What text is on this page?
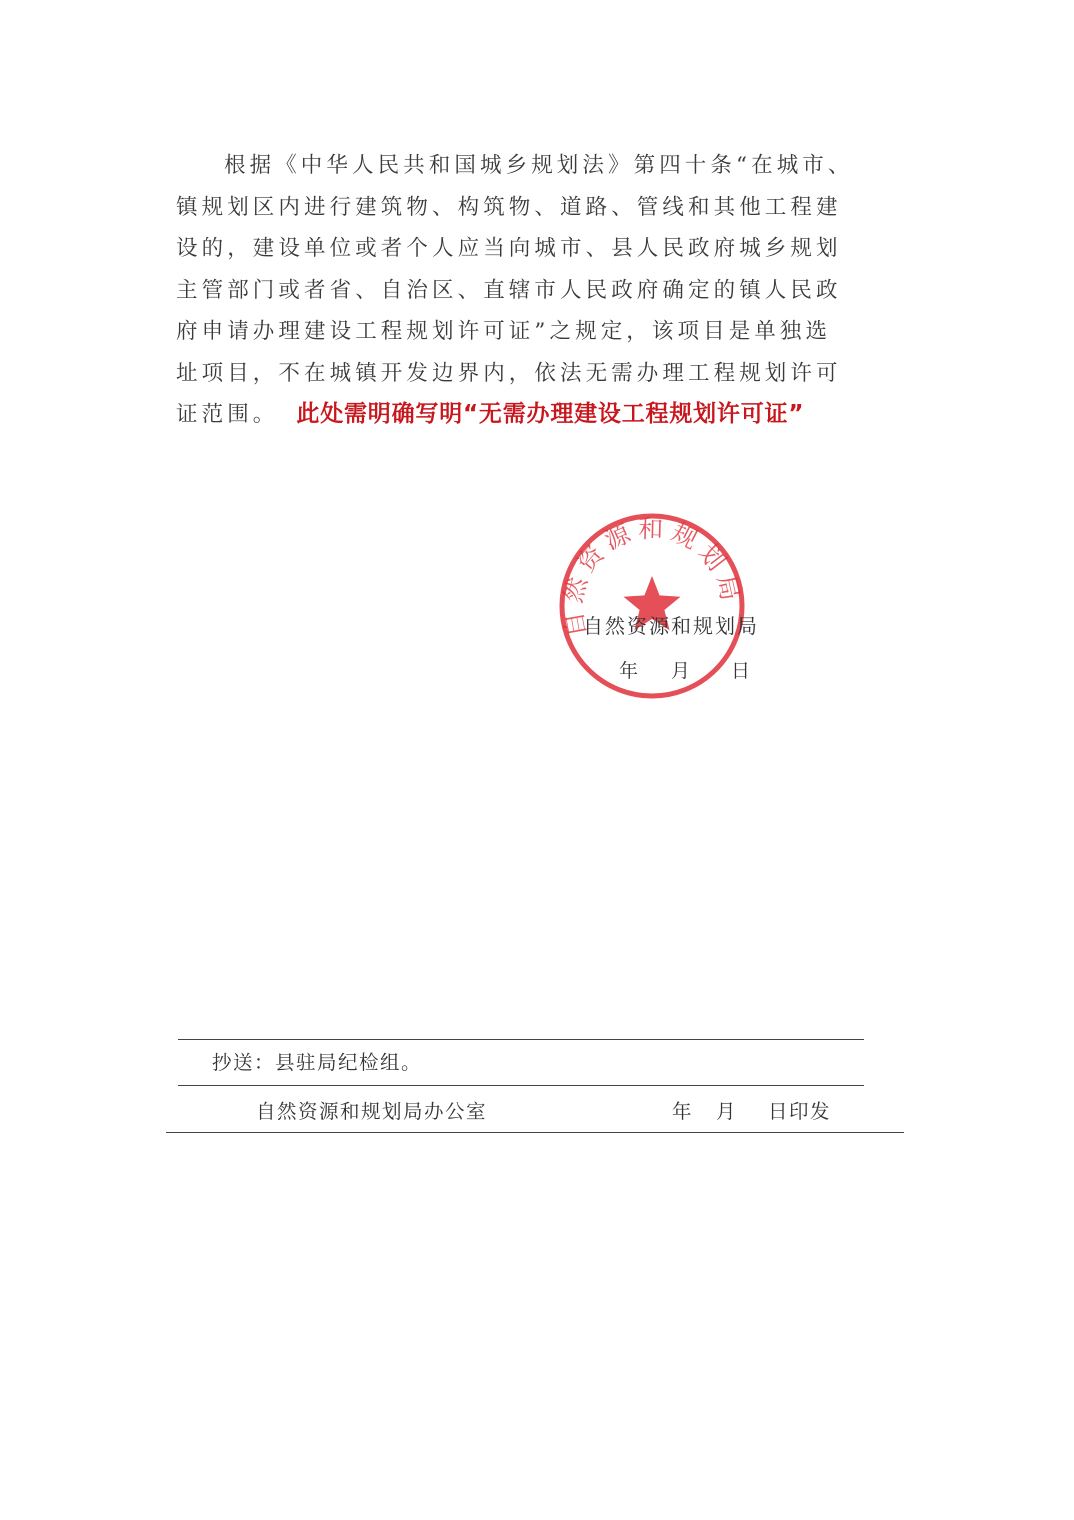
根据《中华人民共和国城乡规划法》第四十条“在城市、
镇规划区内进行建筑物、构筑物、道路、管线和其他工程建
设的，建设单位或者个人应当向城市、县人民政府城乡规划
主管部门或者省、自治区、直辖市人民政府确定的镇人民政
府申请办理建设工程规划许可证”之规定，该项目是单独选
址项目，不在城镇开发边界内，依法无需办理工程规划许可
证范围。 此处需明确写明“无需办理建设工程规划许可证”
自然资源和规划局
自然资源和规划局
年 月 日
抄送：县驻局纪检组。
自然资源和规划局办公室	年 月 日印发
